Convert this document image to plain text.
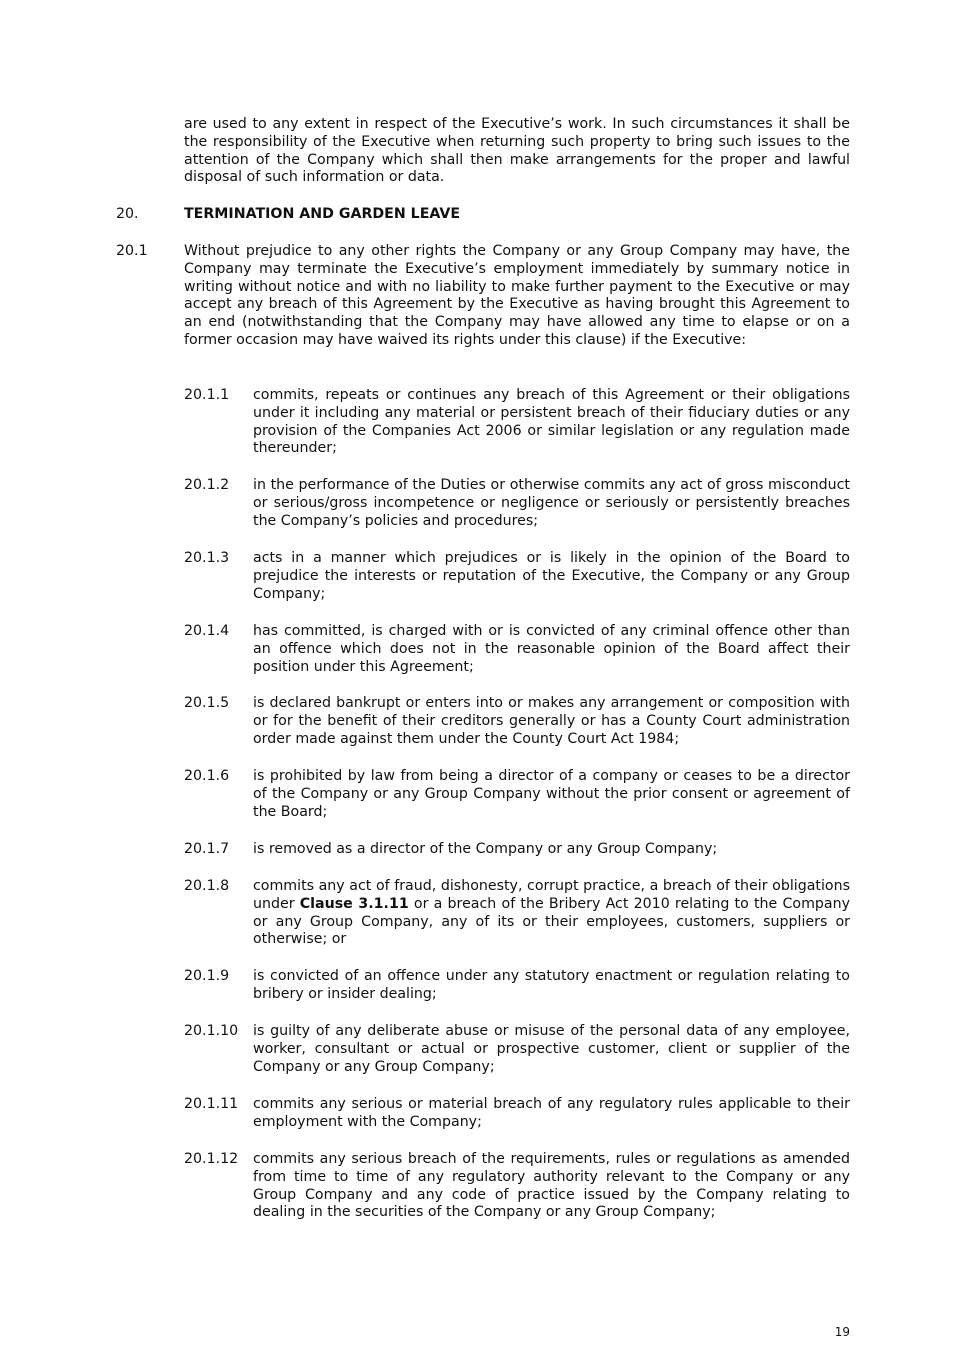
are used to any extent in respect of the Executive’s work. In such circumstances it shall be the responsibility of the Executive when returning such property to bring such issues to the attention of the Company which shall then make arrangements for the proper and lawful disposal of such information or data.

20.	TERMINATION AND GARDEN LEAVE
20.1	Without prejudice to any other rights the Company or any Group Company may have, the Company may terminate the Executive’s employment immediately by summary notice in writing without notice and with no liability to make further payment to the Executive or may accept any breach of this Agreement by the Executive as having brought this Agreement to an end (notwithstanding that the Company may have allowed any time to elapse or on a former occasion may have waived its rights under this clause) if the Executive:

20.1.1 commits, repeats or continues any breach of this Agreement or their obligations under it including any material or persistent breach of their fiduciary duties or any provision of the Companies Act 2006 or similar legislation or any regulation made thereunder;

20.1.2 in the performance of the Duties or otherwise commits any act of gross misconduct or serious/gross incompetence or negligence or seriously or persistently breaches the Company’s policies and procedures;

20.1.3 acts in a manner which prejudices or is likely in the opinion of the Board to prejudice the interests or reputation of the Executive, the Company or any Group Company;

20.1.4 has committed, is charged with or is convicted of any criminal offence other than an offence which does not in the reasonable opinion of the Board affect their position under this Agreement;

20.1.5 is declared bankrupt or enters into or makes any arrangement or composition with or for the benefit of their creditors generally or has a County Court administration order made against them under the County Court Act 1984;

20.1.6 is prohibited by law from being a director of a company or ceases to be a director of the Company or any Group Company without the prior consent or agreement of the Board;

20.1.7 is removed as a director of the Company or any Group Company;

20.1.8 commits any act of fraud, dishonesty, corrupt practice, a breach of their obligations under Clause 3.1.11 or a breach of the Bribery Act 2010 relating to the Company or any Group Company, any of its or their employees, customers, suppliers or otherwise; or

20.1.9 is convicted of an offence under any statutory enactment or regulation relating to bribery or insider dealing;

20.1.10 is guilty of any deliberate abuse or misuse of the personal data of any employee, worker, consultant or actual or prospective customer, client or supplier of the Company or any Group Company;

20.1.11 commits any serious or material breach of any regulatory rules applicable to their employment with the Company;

20.1.12 commits any serious breach of the requirements, rules or regulations as amended from time to time of any regulatory authority relevant to the Company or any Group Company and any code of practice issued by the Company relating to dealing in the securities of the Company or any Group Company;

19
